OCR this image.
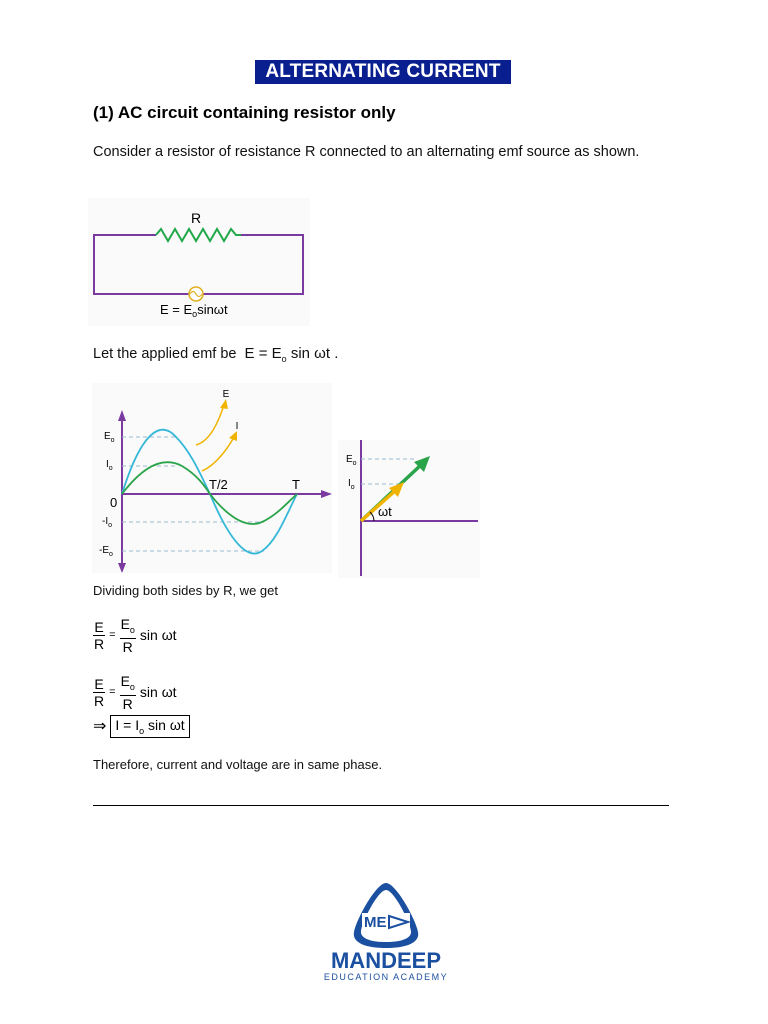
ALTERNATING CURRENT
(1) AC circuit containing resistor only
Consider a resistor of resistance R connected to an alternating emf source as shown.
R
$E = E_o\sin\omega t$
Let the applied emf be $E = E_o$ sin ωt .
E
I
$E_o$
$I_o$
$-I_o$
$-E_o$
0
T/2	T
$E_o$
$I_o$
ωt
Dividing both sides by R, we get
$\frac{E}{R} = \frac{E_o}{R}$ sin ωt
$\frac{E}{R} = \frac{E_o}{R}$ sin ωt
⇒ $I = I_o$ sin ωt
Therefore, current and voltage are in same phase.
ME
MANDEEP
EDUCATION ACADEMY
